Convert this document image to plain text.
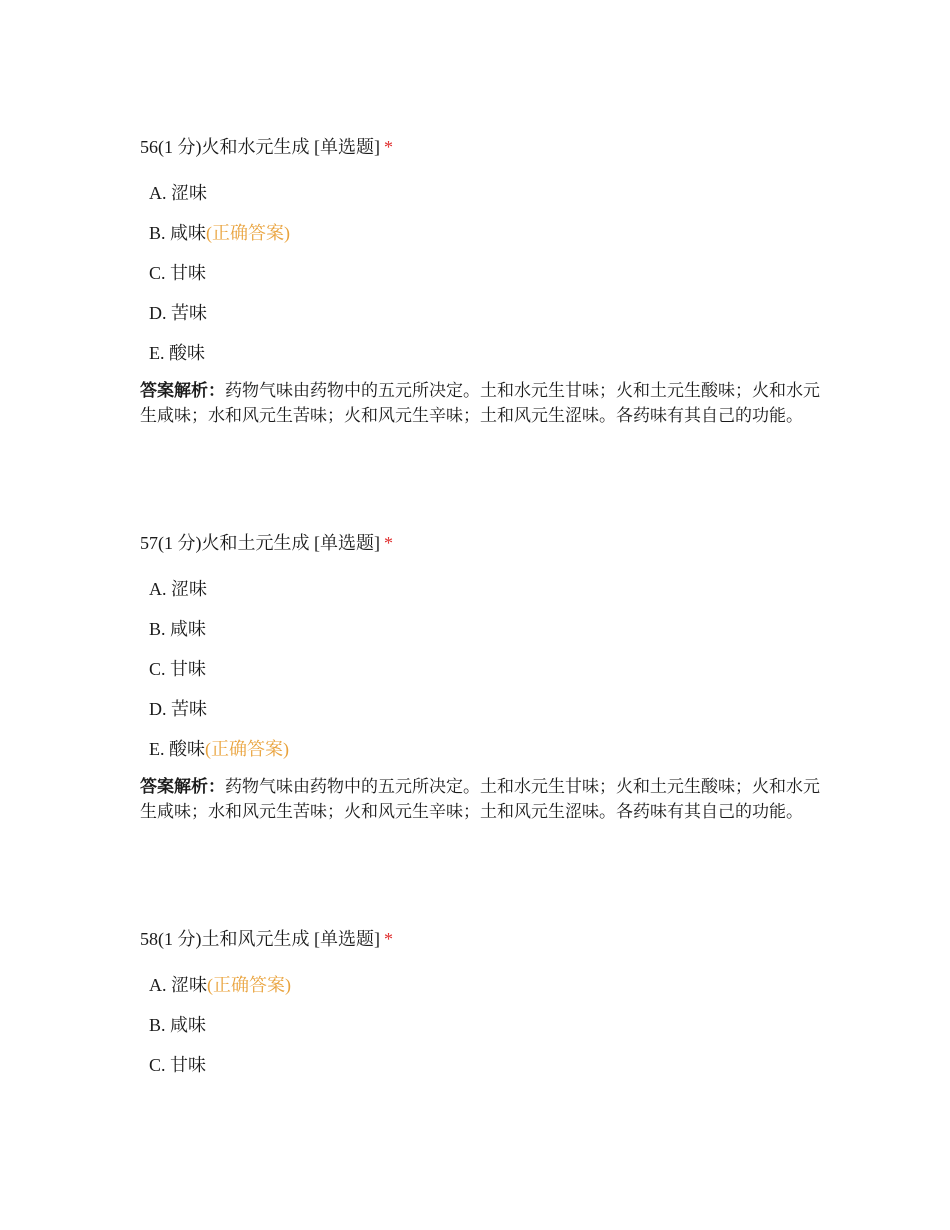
56(1 分)火和水元生成 [单选题] *
A. 涩味
B. 咸味(正确答案)
C. 甘味
D. 苦味
E. 酸味
答案解析：药物气味由药物中的五元所决定。土和水元生甘味；火和土元生酸味；火和水元生咸味；水和风元生苦味；火和风元生辛味；土和风元生涩味。各药味有其自己的功能。
57(1 分)火和土元生成 [单选题] *
A. 涩味
B. 咸味
C. 甘味
D. 苦味
E. 酸味(正确答案)
答案解析：药物气味由药物中的五元所决定。土和水元生甘味；火和土元生酸味；火和水元生咸味；水和风元生苦味；火和风元生辛味；土和风元生涩味。各药味有其自己的功能。
58(1 分)土和风元生成 [单选题] *
A. 涩味(正确答案)
B. 咸味
C. 甘味
